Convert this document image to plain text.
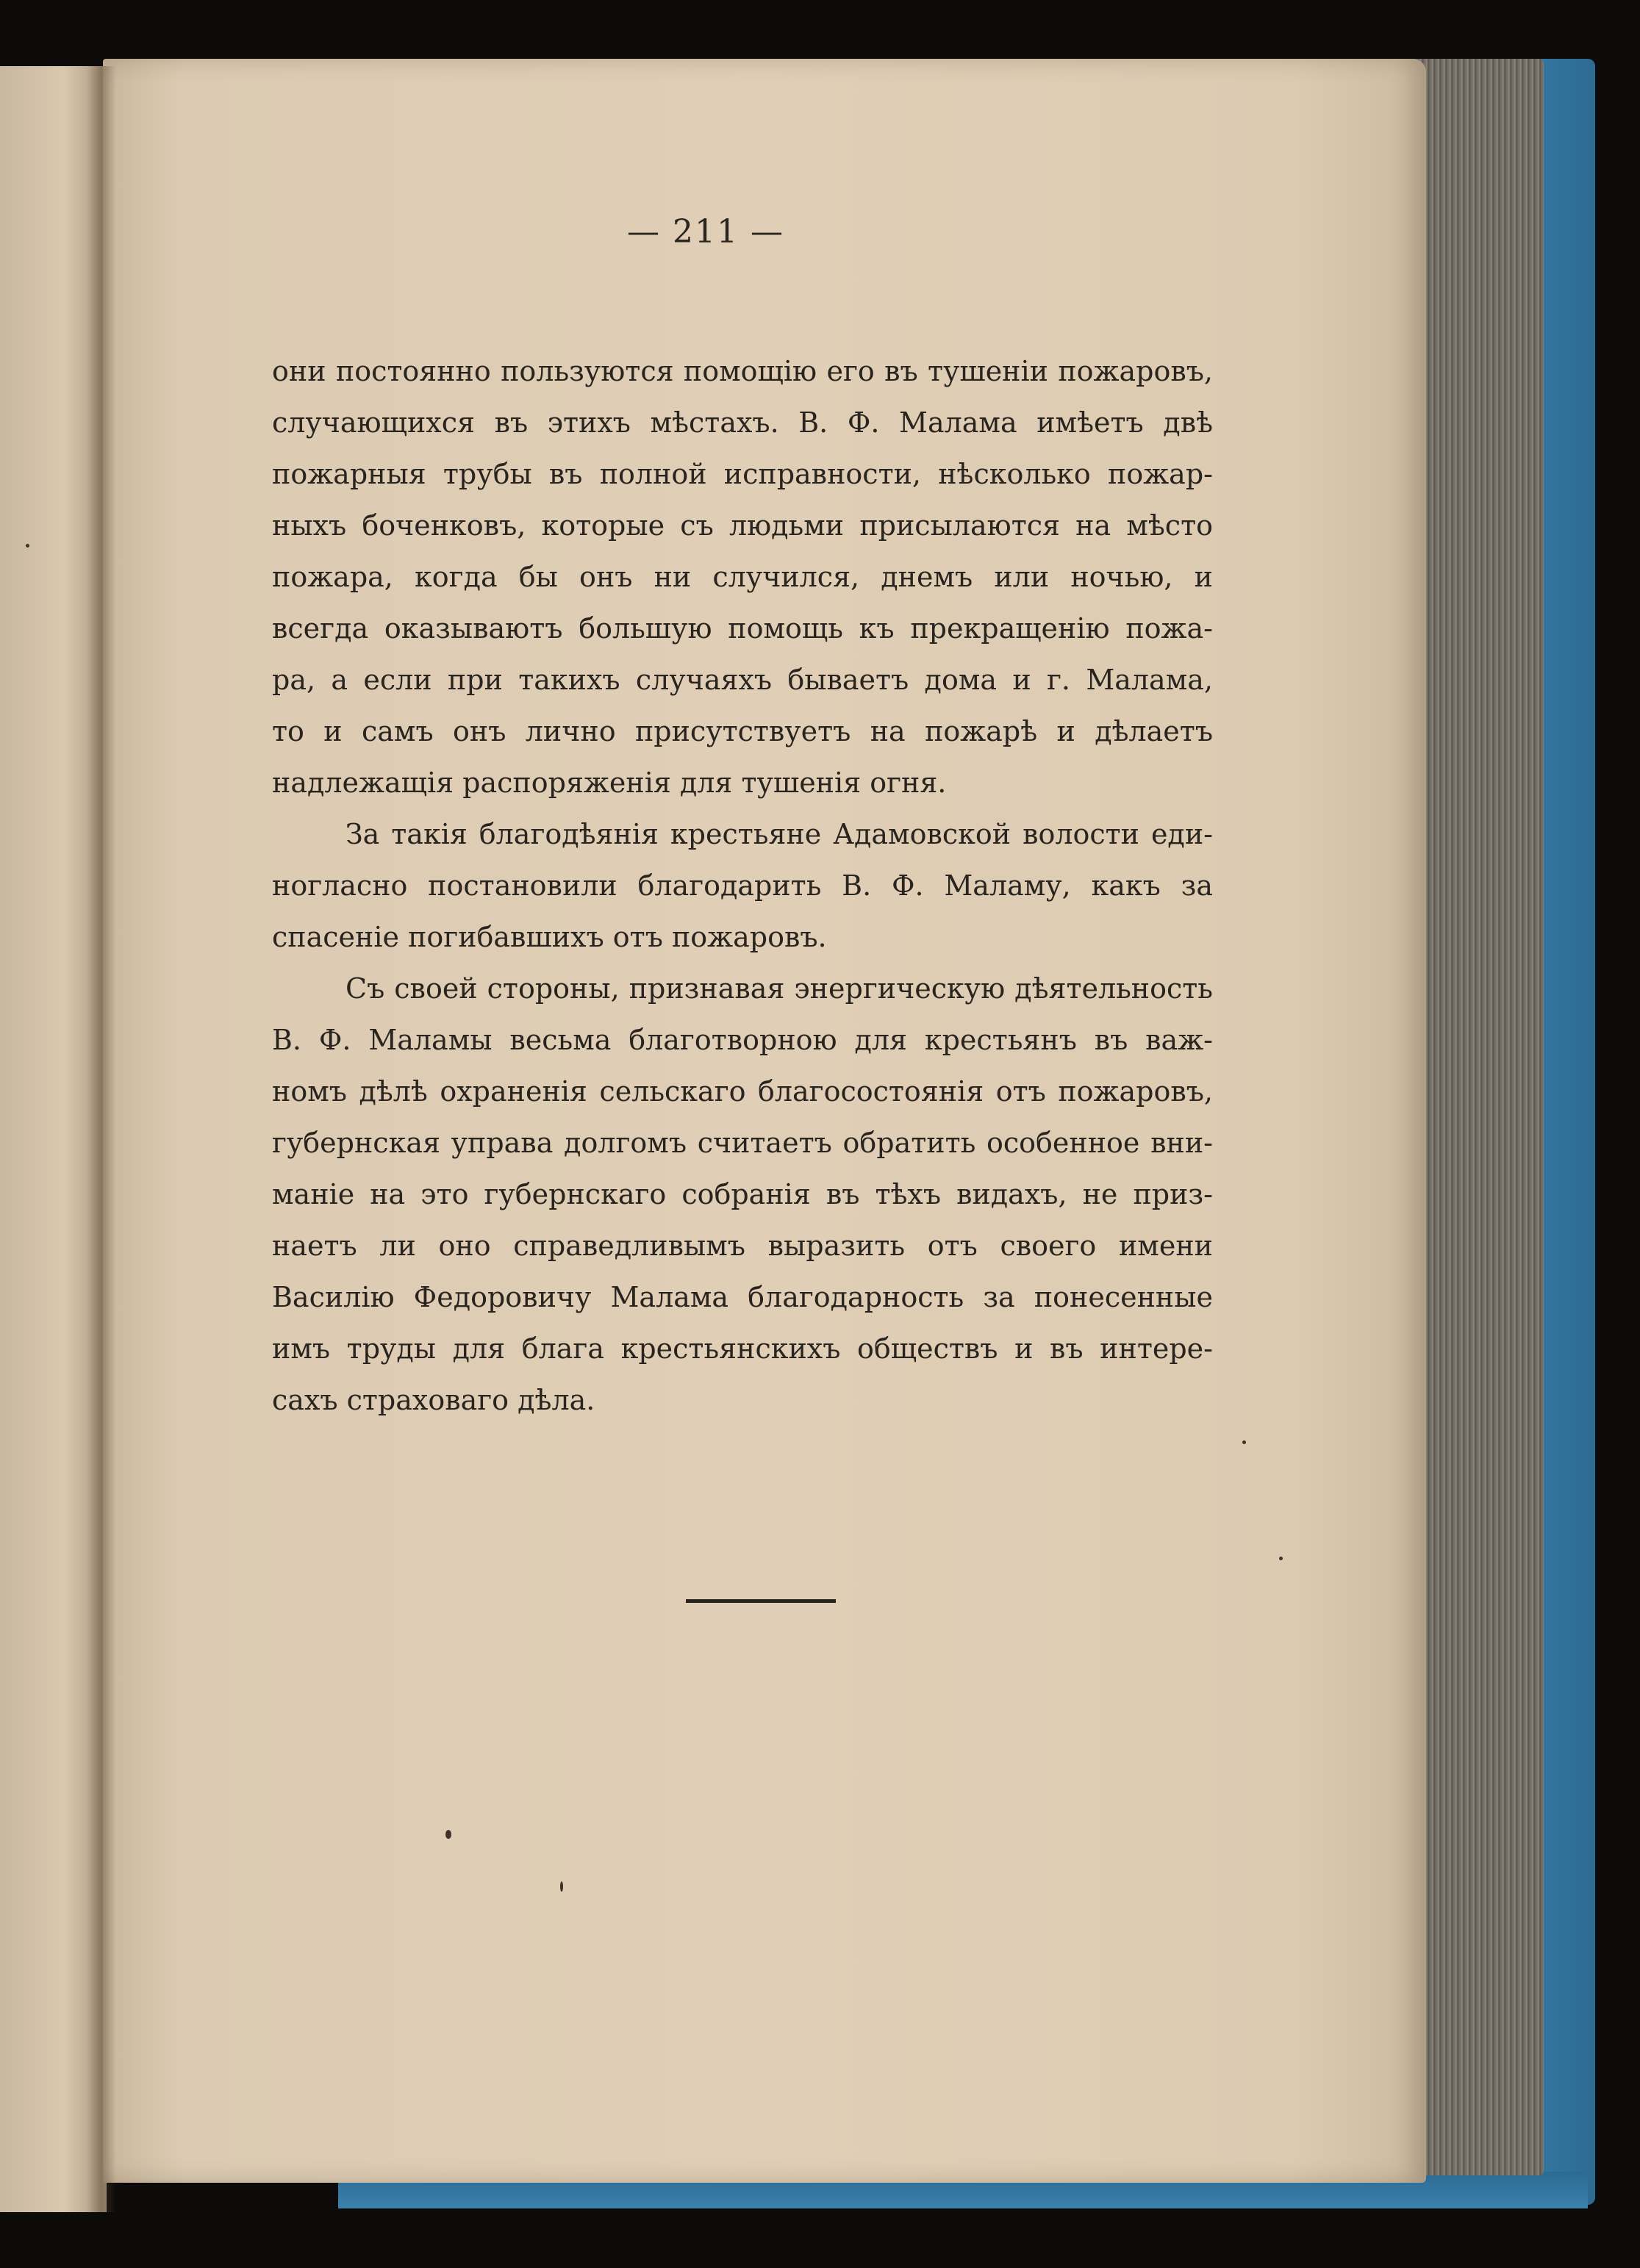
— 211 —
они постоянно пользуются помощію его въ тушеніи пожаровъ,
случающихся въ этихъ мѣстахъ. В. Ф. Малама имѣетъ двѣ
пожарныя трубы въ полной исправности, нѣсколько пожар-
ныхъ боченковъ, которые съ людьми присылаются на мѣсто
пожара, когда бы онъ ни случился, днемъ или ночью, и
всегда оказываютъ большую помощь къ прекращенію пожа-
ра, а если при такихъ случаяхъ бываетъ дома и г. Малама,
то и самъ онъ лично присутствуетъ на пожарѣ и дѣлаетъ
надлежащія распоряженія для тушенія огня.
За такія благодѣянія крестьяне Адамовской волости еди-
ногласно постановили благодарить В. Ф. Маламу, какъ за
спасеніе погибавшихъ отъ пожаровъ.
Съ своей стороны, признавая энергическую дѣятельность
В. Ф. Маламы весьма благотворною для крестьянъ въ важ-
номъ дѣлѣ охраненія сельскаго благосостоянія отъ пожаровъ,
губернская управа долгомъ считаетъ обратить особенное вни-
маніе на это губернскаго собранія въ тѣхъ видахъ, не приз-
наетъ ли оно справедливымъ выразить отъ своего имени
Василію Федоровичу Малама благодарность за понесенные
имъ труды для блага крестьянскихъ обществъ и въ интере-
сахъ страховаго дѣла.
